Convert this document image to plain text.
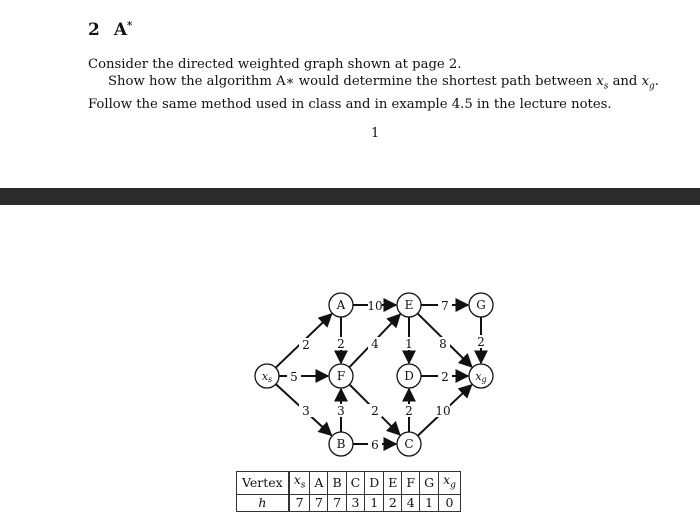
2 A*
Consider the directed weighted graph shown at page 2.
Show how the algorithm A∗ would determine the shortest path between $x_s$ and $x_g$. Follow the same method used in class and in example 4.5 in the lecture notes.
1
2
5
3
10
2
7
1 8	2
4
2
3
6
2 2 10
xs
A	E	G
F	D	xg
B	C
Vertex	$x_s$	A	B	C	D	E	F	G	$x_g$
h	7	7	7	3	1	2	4	1	0
